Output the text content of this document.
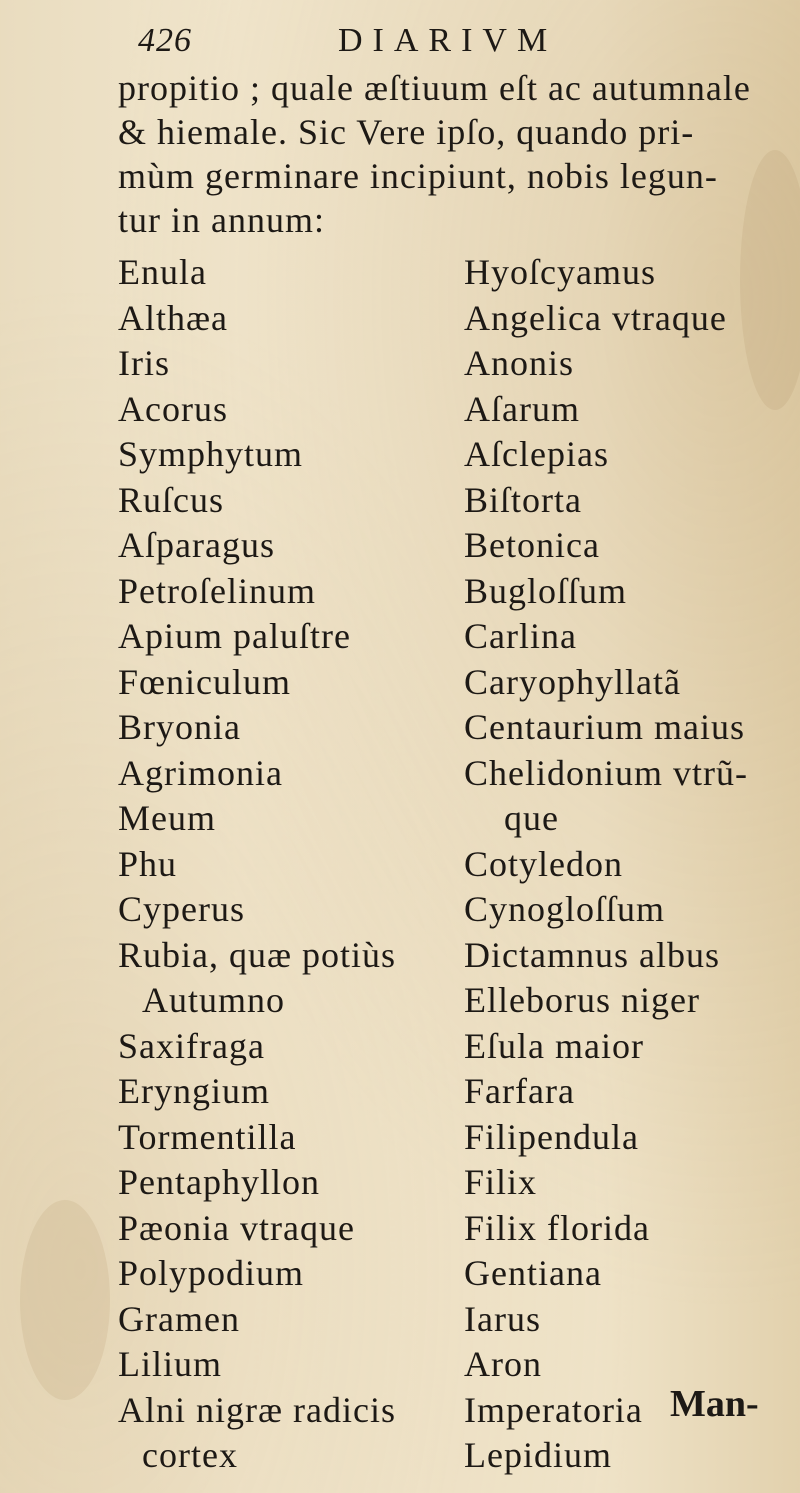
426	DIARIVM
propitio ; quale æſtiuum eſt ac autumnale
& hiemale. Sic Vere ipſo, quando pri-
mùm germinare incipiunt, nobis legun-
tur in annum:
Enula
Althæa
Iris
Acorus
Symphytum
Ruſcus
Aſparagus
Petroſelinum
Apium paluſtre
Fœniculum
Bryonia
Agrimonia
Meum
Phu
Cyperus
Rubia, quæ potiùs
Autumno
Saxifraga
Eryngium
Tormentilla
Pentaphyllon
Pæonia vtraque
Polypodium
Gramen
Lilium
Alni nigræ radicis
cortex
Hyoſcyamus
Angelica vtraque
Anonis
Aſarum
Aſclepias
Biſtorta
Betonica
Bugloſſum
Carlina
Caryophyllatã
Centaurium maius
Chelidonium vtrũ-
que
Cotyledon
Cynogloſſum
Dictamnus albus
Elleborus niger
Eſula maior
Farfara
Filipendula
Filix
Filix florida
Gentiana
Iarus
Aron
Imperatoria
Lepidium
Man-
